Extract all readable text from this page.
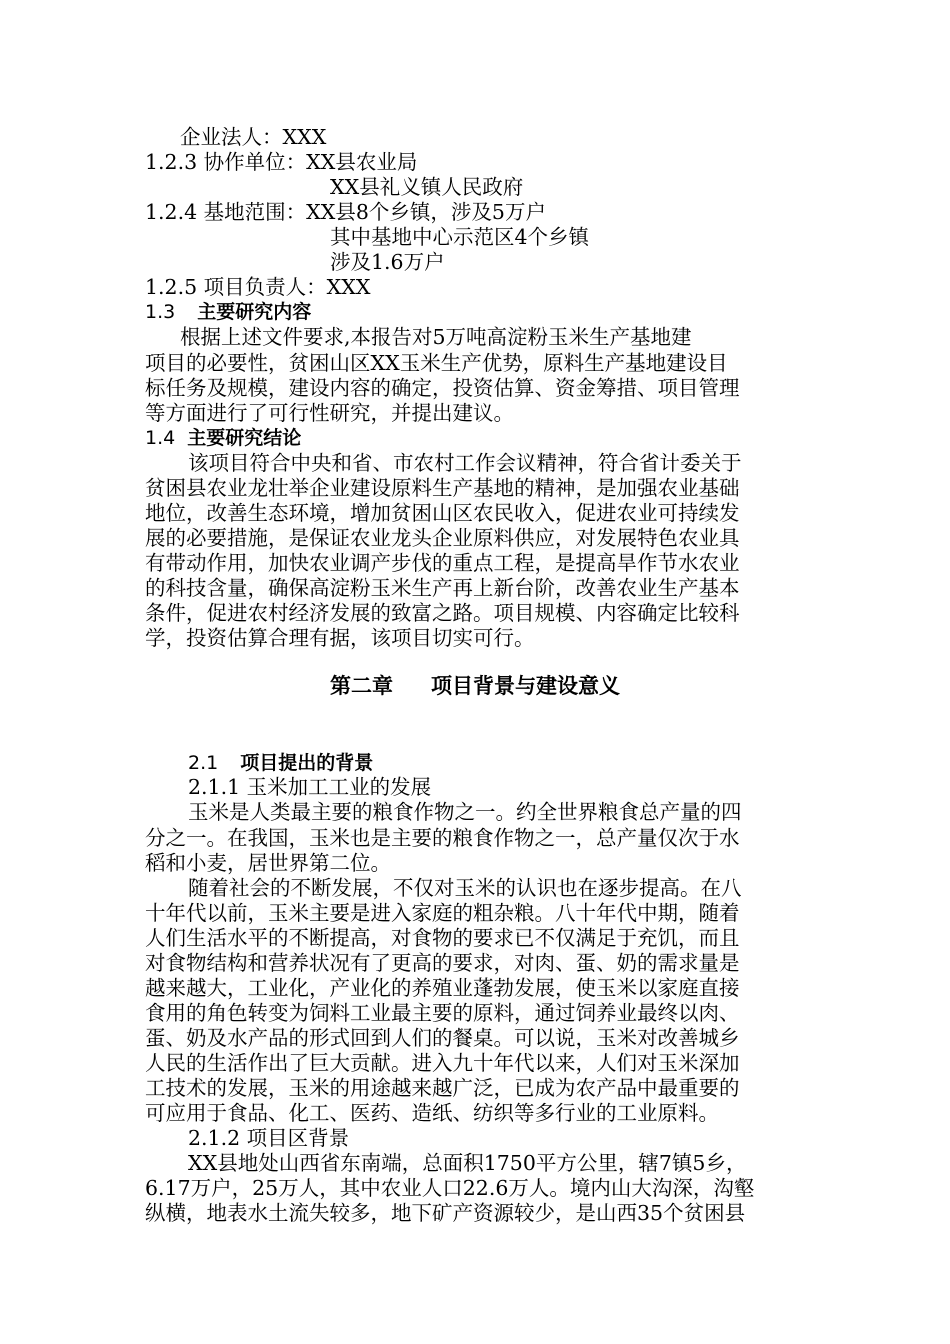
企业法人：XXX
1.2.3 协作单位：XX县农业局
XX县礼义镇人民政府
1.2.4 基地范围：XX县8个乡镇，涉及5万户
其中基地中心示范区4个乡镇
涉及1.6万户
1.2.5 项目负责人：XXX
1.3 主要研究内容
根据上述文件要求,本报告对5万吨高淀粉玉米生产基地建
项目的必要性，贫困山区XX玉米生产优势，原料生产基地建设目
标任务及规模，建设内容的确定，投资估算、资金筹措、项目管理
等方面进行了可行性研究，并提出建议。
1.4 主要研究结论
该项目符合中央和省、市农村工作会议精神，符合省计委关于
贫困县农业龙壮举企业建设原料生产基地的精神，是加强农业基础
地位，改善生态环境，增加贫困山区农民收入，促进农业可持续发
展的必要措施，是保证农业龙头企业原料供应，对发展特色农业具
有带动作用，加快农业调产步伐的重点工程，是提高旱作节水农业
的科技含量，确保高淀粉玉米生产再上新台阶，改善农业生产基本
条件，促进农村经济发展的致富之路。项目规模、内容确定比较科
学，投资估算合理有据，该项目切实可行。
第二章 项目背景与建设意义
2.1 项目提出的背景
2.1.1 玉米加工工业的发展
玉米是人类最主要的粮食作物之一。约全世界粮食总产量的四
分之一。在我国，玉米也是主要的粮食作物之一，总产量仅次于水
稻和小麦，居世界第二位。
随着社会的不断发展，不仅对玉米的认识也在逐步提高。在八
十年代以前，玉米主要是进入家庭的粗杂粮。八十年代中期，随着
人们生活水平的不断提高，对食物的要求已不仅满足于充饥，而且
对食物结构和营养状况有了更高的要求，对肉、蛋、奶的需求量是
越来越大，工业化，产业化的养殖业蓬勃发展，使玉米以家庭直接
食用的角色转变为饲料工业最主要的原料，通过饲养业最终以肉、
蛋、奶及水产品的形式回到人们的餐桌。可以说，玉米对改善城乡
人民的生活作出了巨大贡献。进入九十年代以来，人们对玉米深加
工技术的发展，玉米的用途越来越广泛，已成为农产品中最重要的
可应用于食品、化工、医药、造纸、纺织等多行业的工业原料。
2.1.2 项目区背景
XX县地处山西省东南端，总面积1750平方公里，辖7镇5乡，
6.17万户，25万人，其中农业人口22.6万人。境内山大沟深，沟壑
纵横，地表水土流失较多，地下矿产资源较少，是山西35个贫困县
